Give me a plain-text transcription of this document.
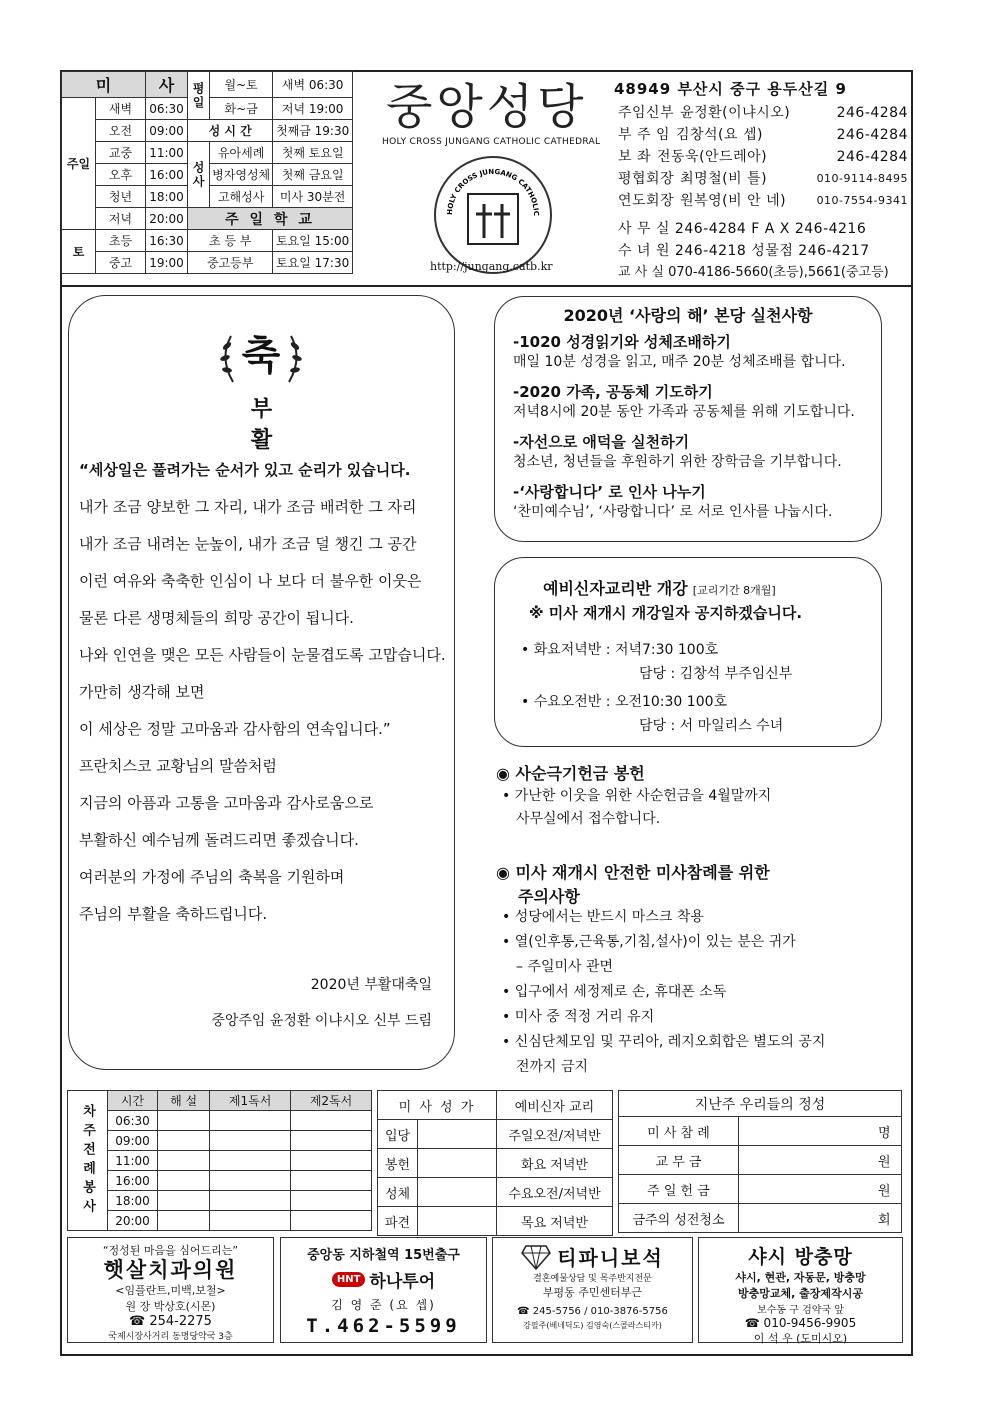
미		사	평일	월~토	새벽 06:30
주일	새벽	06:30		화~금	저녁 19:00
	오전	09:00	성 시 간		첫째금 19:30
	교중	11:00	성사	유아세례	첫째 토요일
	오후	16:00		병자영성체	첫째 금요일
	청년	18:00		고해성사	미사 30분전
	저녁	20:00	주 일 학 교		
토	초등	16:30	초 등 부		토요일 15:00
	중고	19:00	중고등부		토요일 17:30
중앙성당
HOLY CROSS JUNGANG CATHOLIC CATHEDRAL
HOLY CROSS JUNGANG CATHOLIC
http://jungang.catb.kr
48949 부산시 중구 용두산길 9
주임신부 윤정환(이냐시오)	246-4284
부 주 임 김창석(요 셉)	246-4284
보 좌 전동욱(안드레아)	246-4284
평협회장 최명철(비 틀)	010-9114-8495
연도회장 원복영(비 안 네)	010-7554-9341
사 무 실 246-4284 F A X 246-4216
수 녀 원 246-4218 성물점 246-4217
교 사 실 070-4186-5660(초등),5661(중고등)
축
부 활
“세상일은 풀려가는 순서가 있고 순리가 있습니다.
내가 조금 양보한 그 자리, 내가 조금 배려한 그 자리
내가 조금 내려논 눈높이, 내가 조금 덜 챙긴 그 공간
이런 여유와 축축한 인심이 나 보다 더 불우한 이웃은
물론 다른 생명체들의 희망 공간이 됩니다.
나와 인연을 맺은 모든 사람들이 눈물겹도록 고맙습니다.
가만히 생각해 보면
이 세상은 정말 고마움과 감사함의 연속입니다.”
프란치스코 교황님의 말씀처럼
지금의 아픔과 고통을 고마움과 감사로움으로
부활하신 예수님께 돌려드리면 좋겠습니다.
여러분의 가정에 주님의 축복을 기원하며
주님의 부활을 축하드립니다.
2020년 부활대축일
중앙주임 윤정환 이냐시오 신부 드림
2020년 ‘사랑의 해’ 본당 실천사항
-1020 성경읽기와 성체조배하기
매일 10분 성경을 읽고, 매주 20분 성체조배를 합니다.
-2020 가족, 공동체 기도하기
저녁8시에 20분 동안 가족과 공동체를 위해 기도합니다.
-자선으로 애덕을 실천하기
청소년, 청년들을 후원하기 위한 장학금을 기부합니다.
-‘사랑합니다’ 로 인사 나누기
‘찬미예수님’, ‘사랑합니다’ 로 서로 인사를 나눕시다.
예비신자교리반 개강 [교리기간 8개월]
※ 미사 재개시 개강일자 공지하겠습니다.
• 화요저녁반 : 저녁7:30 100호
담당 : 김창석 부주임신부
• 수요오전반 : 오전10:30 100호
담당 : 서 마일리스 수녀
◉ 사순극기헌금 봉헌
• 가난한 이웃을 위한 사순헌금을 4월말까지
사무실에서 접수합니다.
◉ 미사 재개시 안전한 미사참례를 위한
주의사항
• 성당에서는 반드시 마스크 착용
• 열(인후통,근육통,기침,설사)이 있는 분은 귀가
– 주일미사 관면
• 입구에서 세정제로 손, 휴대폰 소독
• 미사 중 적정 거리 유지
• 신심단체모임 및 꾸리아, 레지오회합은 별도의 공지
전까지 금지
차주전례봉사	시간	해 설	제1독서	제2독서
	06:30			
	09:00			
	11:00			
	16:00			
	18:00			
	20:00			
미 사 성 가		예비신자 교리
입당		주일오전/저녁반
봉헌		화요 저녁반
성체		수요오전/저녁반
파견		목요 저녁반
지난주 우리들의 정성		
미 사 참 례		명
교 무 금		원
주 일 헌 금		원
금주의 성전청소		회
“정성된 마음을 심어드리는”
햇살치과의원
<임플란트,미백,보철>
원 장 박상호(시몬)
☎ 254-2275
국제시장사거리 동명당약국 3층
중앙동 지하철역 15번출구
HNT 하나투어
김 영 준 (요 셉)
T.462-5599
티파니보석
결혼예물상담 및 목주반지전문
부평동 주민센터부근
☎ 245-5756 / 010-3876-5756
강필주(베네딕도) 김영숙(스콜라스티카)
샤시 방충망
샤시, 현관, 자동문, 방충망
방충망교체, 출장제작시공
보수동 구 검약국 앞
☎ 010-9456-9905
이 석 우 (도미시오)
